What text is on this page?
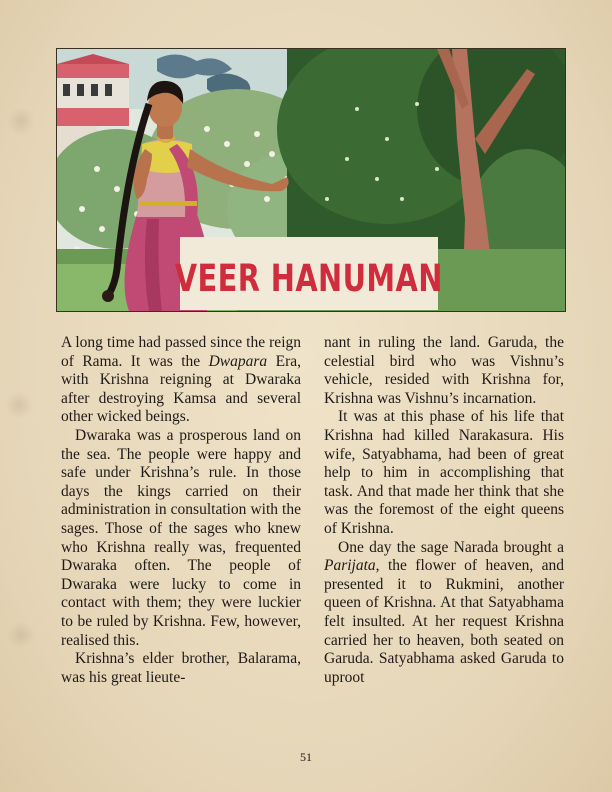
VEER HANUMAN

A long time had passed since the reign of Rama. It was the Dwapara Era, with Krishna reigning at Dwaraka after destroying Kamsa and several other wicked beings.

Dwaraka was a prosperous land on the sea. The people were happy and safe under Krishna’s rule. In those days the kings carried on their administration in consultation with the sages. Those of the sages who knew who Krishna really was, frequented Dwaraka often. The people of Dwaraka were lucky to come in contact with them; they were luckier to be ruled by Krishna. Few, however, realised this.

Krishna’s elder brother, Balarama, was his great lieute-

nant in ruling the land. Garuda, the celestial bird who was Vishnu’s vehicle, resided with Krishna for, Krishna was Vishnu’s incarnation.

It was at this phase of his life that Krishna had killed Narakasura. His wife, Satyabhama, had been of great help to him in accomplishing that task. And that made her think that she was the foremost of the eight queens of Krishna.

One day the sage Narada brought a Parijata, the flower of heaven, and presented it to Rukmini, another queen of Krishna. At that Satyabhama felt insulted. At her request Krishna carried her to heaven, both seated on Garuda. Satyabhama asked Garuda to uproot

51
